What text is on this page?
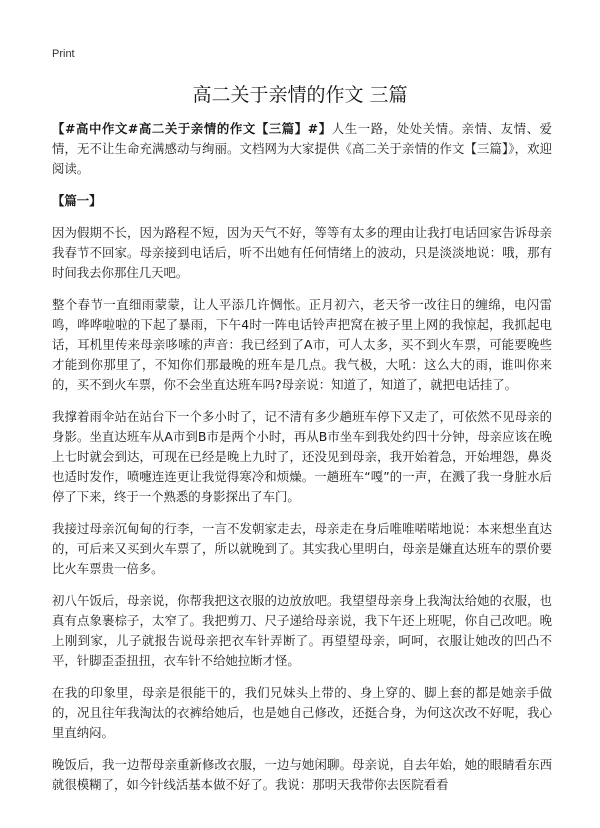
Print
高二关于亲情的作文 三篇

【#高中作文#高二关于亲情的作文【三篇】#】人生一路，处处关情。亲情、友情、爱情，无不让生命充满感动与绚丽。文档网为大家提供《高二关于亲情的作文【三篇】》，欢迎阅读。

【篇一】

因为假期不长，因为路程不短，因为天气不好，等等有太多的理由让我打电话回家告诉母亲我春节不回家。母亲接到电话后，听不出她有任何情绪上的波动，只是淡淡地说：哦，那有时间我去你那住几天吧。

整个春节一直细雨蒙蒙，让人平添几许惆怅。正月初六，老天爷一改往日的缠绵，电闪雷鸣，哗哗啦啦的下起了暴雨，下午4时一阵电话铃声把窝在被子里上网的我惊起，我抓起电话，耳机里传来母亲哆嗦的声音：我已经到了A市，可人太多，买不到火车票，可能要晚些才能到你那里了，不知你们那最晚的班车是几点。我气极，大吼：这么大的雨，谁叫你来的，买不到火车票，你不会坐直达班车吗?母亲说：知道了，知道了，就把电话挂了。

我撑着雨伞站在站台下一个多小时了，记不清有多少趟班车停下又走了，可依然不见母亲的身影。坐直达班车从A市到B市是两个小时，再从B市坐车到我处约四十分钟，母亲应该在晚上七时就会到达，可现在已经是晚上九时了，还没见到母亲，我开始着急，开始埋怨，鼻炎也适时发作，喷嚏连连更让我觉得寒冷和烦燥。一趟班车“嘎”的一声，在溅了我一身脏水后停了下来，终于一个熟悉的身影探出了车门。

我接过母亲沉甸甸的行李，一言不发朝家走去，母亲走在身后唯唯喏喏地说：本来想坐直达的，可后来又买到火车票了，所以就晚到了。其实我心里明白，母亲是嫌直达班车的票价要比火车票贵一倍多。

初八午饭后，母亲说，你帮我把这衣服的边放放吧。我望望母亲身上我淘汰给她的衣服，也真有点象裹棕子，太窄了。我把剪刀、尺子递给母亲说，我下午还上班呢，你自己改吧。晚上刚到家，儿子就报告说母亲把衣车针弄断了。再望望母亲，呵呵，衣服让她改的凹凸不平，针脚歪歪扭扭，衣车针不给她拉断才怪。

在我的印象里，母亲是很能干的，我们兄妹头上带的、身上穿的、脚上套的都是她亲手做的，况且往年我淘汰的衣裤给她后，也是她自己修改，还挺合身，为何这次改不好呢，我心里直纳闷。

晚饭后，我一边帮母亲重新修改衣服，一边与她闲聊。母亲说，自去年始，她的眼睛看东西就很模糊了，如今针线活基本做不好了。我说：那明天我带你去医院看看
